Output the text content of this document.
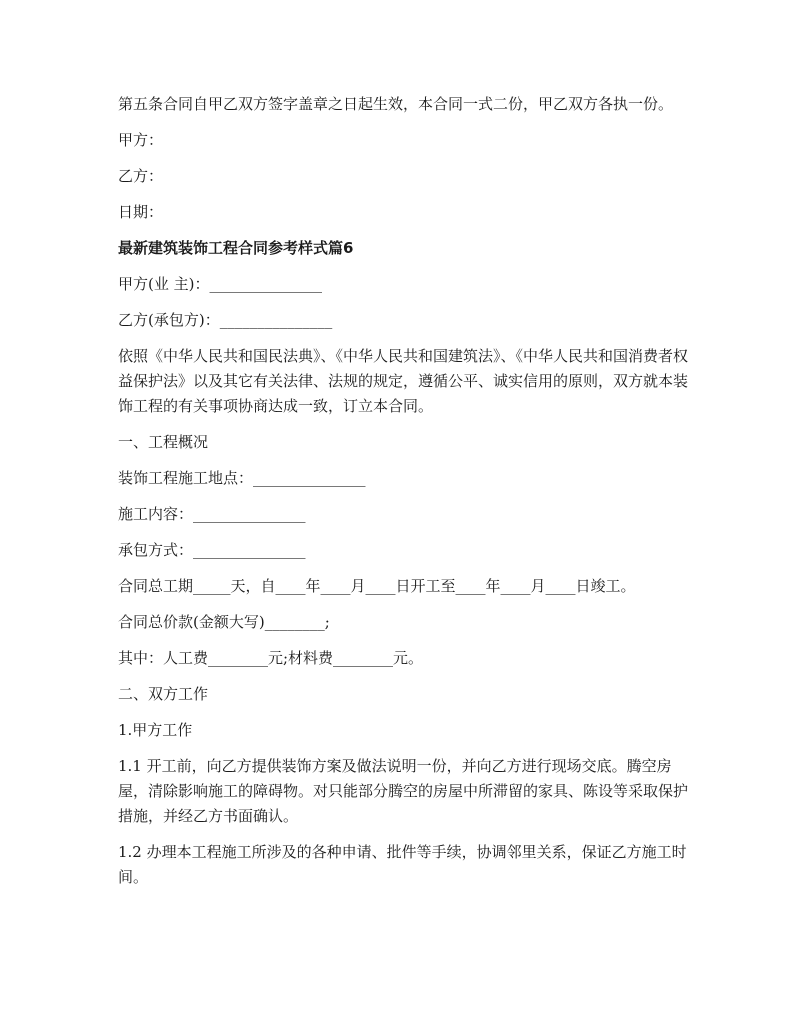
第五条合同自甲乙双方签字盖章之日起生效，本合同一式二份，甲乙双方各执一份。

甲方：

乙方：

日期：

最新建筑装饰工程合同参考样式篇6

甲方(业 主)：_______________

乙方(承包方)：_______________

依照《中华人民共和国民法典》、《中华人民共和国建筑法》、《中华人民共和国消费者权益保护法》以及其它有关法律、法规的规定，遵循公平、诚实信用的原则，双方就本装饰工程的有关事项协商达成一致，订立本合同。

一、工程概况

装饰工程施工地点：_______________

施工内容：_______________

承包方式：_______________

合同总工期_____天，自____年____月____日开工至____年____月____日竣工。

合同总价款(金额大写)________;

其中：人工费________元;材料费________元。

二、双方工作

1.甲方工作

1.1 开工前，向乙方提供装饰方案及做法说明一份，并向乙方进行现场交底。腾空房屋，清除影响施工的障碍物。对只能部分腾空的房屋中所滞留的家具、陈设等采取保护措施，并经乙方书面确认。

1.2 办理本工程施工所涉及的各种申请、批件等手续，协调邻里关系，保证乙方施工时间。
